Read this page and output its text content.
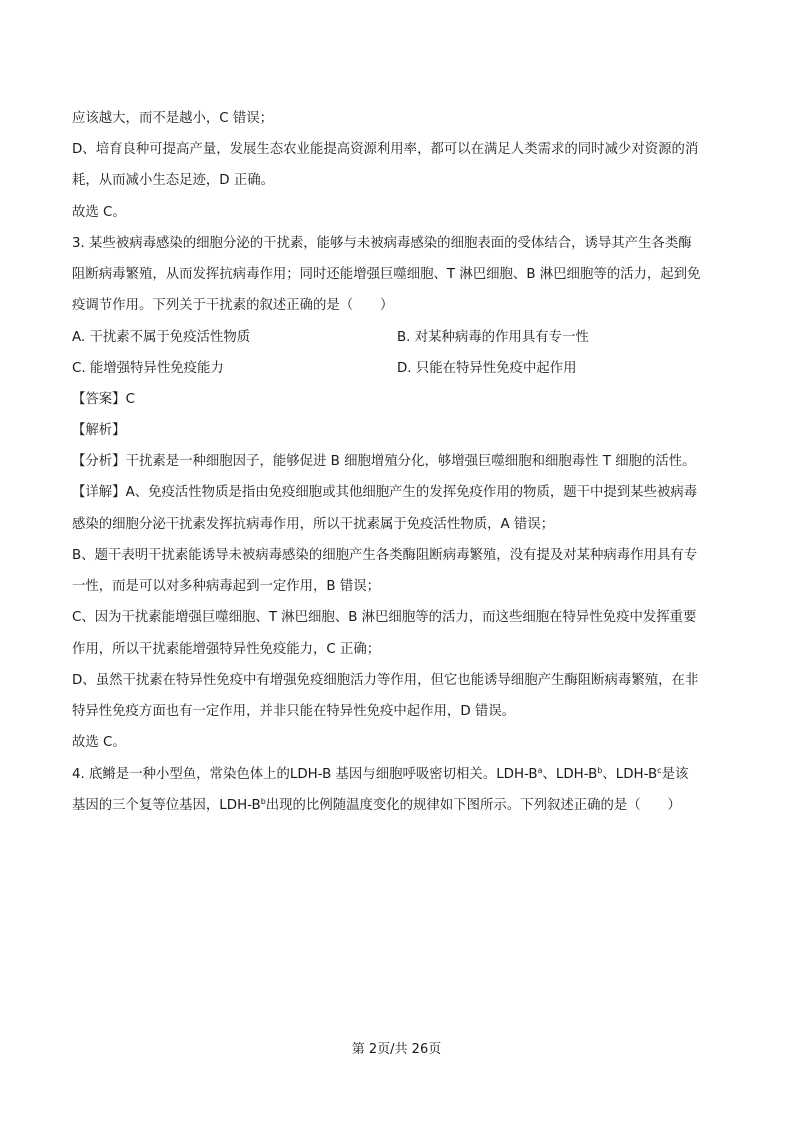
应该越大，而不是越小，C 错误；
D、培育良种可提高产量，发展生态农业能提高资源利用率，都可以在满足人类需求的同时减少对资源的消
耗，从而减小生态足迹，D 正确。
故选 C。
3. 某些被病毒感染的细胞分泌的干扰素，能够与未被病毒感染的细胞表面的受体结合，诱导其产生各类酶
阻断病毒繁殖，从而发挥抗病毒作用；同时还能增强巨噬细胞、T 淋巴细胞、B 淋巴细胞等的活力，起到免
疫调节作用。下列关于干扰素的叙述正确的是（　　）
A. 干扰素不属于免疫活性物质	B. 对某种病毒的作用具有专一性
C. 能增强特异性免疫能力	D. 只能在特异性免疫中起作用
【答案】C
【解析】
【分析】干扰素是一种细胞因子，能够促进 B 细胞增殖分化，够增强巨噬细胞和细胞毒性 T 细胞的活性。
【详解】A、免疫活性物质是指由免疫细胞或其他细胞产生的发挥免疫作用的物质，题干中提到某些被病毒
感染的细胞分泌干扰素发挥抗病毒作用，所以干扰素属于免疫活性物质，A 错误；
B、题干表明干扰素能诱导未被病毒感染的细胞产生各类酶阻断病毒繁殖，没有提及对某种病毒作用具有专
一性，而是可以对多种病毒起到一定作用，B 错误；
C、因为干扰素能增强巨噬细胞、T 淋巴细胞、B 淋巴细胞等的活力，而这些细胞在特异性免疫中发挥重要
作用，所以干扰素能增强特异性免疫能力，C 正确；
D、虽然干扰素在特异性免疫中有增强免疫细胞活力等作用，但它也能诱导细胞产生酶阻断病毒繁殖，在非
特异性免疫方面也有一定作用，并非只能在特异性免疫中起作用，D 错误。
故选 C。
4. 底鳉是一种小型鱼，常染色体上的LDH-B 基因与细胞呼吸密切相关。LDH-$B^a$、LDH-$B^b$、LDH-$B^c$是该
基因的三个复等位基因，LDH-$B^b$出现的比例随温度变化的规律如下图所示。下列叙述正确的是（　　）
第 2页/共 26页
